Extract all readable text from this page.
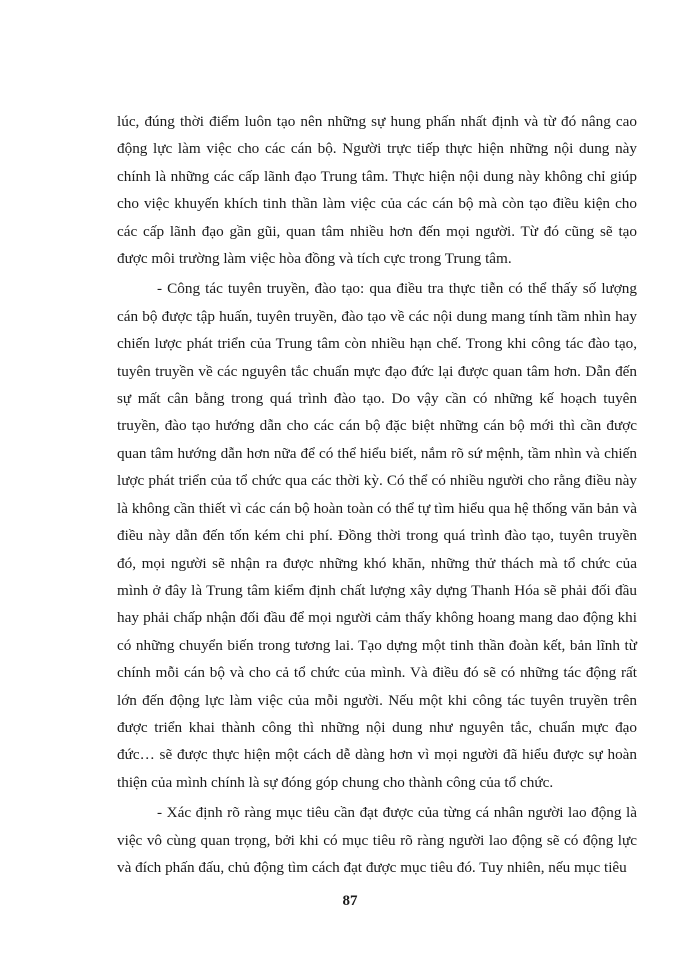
lúc, đúng thời điểm luôn tạo nên những sự hung phấn nhất định và từ đó nâng cao động lực làm việc cho các cán bộ. Người trực tiếp thực hiện những nội dung này chính là những các cấp lãnh đạo Trung tâm. Thực hiện nội dung này không chỉ giúp cho việc khuyến khích tinh thần làm việc của các cán bộ mà còn tạo điều kiện cho các cấp lãnh đạo gần gũi, quan tâm nhiều hơn đến mọi người. Từ đó cũng sẽ tạo được môi trường làm việc hòa đồng và tích cực trong Trung tâm.

- Công tác tuyên truyền, đào tạo: qua điều tra thực tiễn có thể thấy số lượng cán bộ được tập huấn, tuyên truyền, đào tạo về các nội dung mang tính tầm nhìn hay chiến lược phát triển của Trung tâm còn nhiều hạn chế. Trong khi công tác đào tạo, tuyên truyền về các nguyên tắc chuẩn mực đạo đức lại được quan tâm hơn. Dẫn đến sự mất cân bằng trong quá trình đào tạo. Do vậy cần có những kế hoạch tuyên truyền, đào tạo hướng dẫn cho các cán bộ đặc biệt những cán bộ mới thì cần được quan tâm hướng dẫn hơn nữa để có thể hiểu biết, nắm rõ sứ mệnh, tầm nhìn và chiến lược phát triển của tổ chức qua các thời kỳ. Có thể có nhiều người cho rằng điều này là không cần thiết vì các cán bộ hoàn toàn có thể tự tìm hiểu qua hệ thống văn bản và điều này dẫn đến tốn kém chi phí. Đồng thời trong quá trình đào tạo, tuyên truyền đó, mọi người sẽ nhận ra được những khó khăn, những thử thách mà tổ chức của mình ở đây là Trung tâm kiểm định chất lượng xây dựng Thanh Hóa sẽ phải đối đầu hay phải chấp nhận đối đầu để mọi người cảm thấy không hoang mang dao động khi có những chuyển biến trong tương lai. Tạo dựng một tinh thần đoàn kết, bản lĩnh từ chính mỗi cán bộ và cho cả tổ chức của mình. Và điều đó sẽ có những tác động rất lớn đến động lực làm việc của mỗi người. Nếu một khi công tác tuyên truyền trên được triển khai thành công thì những nội dung như nguyên tắc, chuẩn mực đạo đức… sẽ được thực hiện một cách dễ dàng hơn vì mọi người đã hiểu được sự hoàn thiện của mình chính là sự đóng góp chung cho thành công của tổ chức.

- Xác định rõ ràng mục tiêu cần đạt được của từng cá nhân người lao động là việc vô cùng quan trọng, bởi khi có mục tiêu rõ ràng người lao động sẽ có động lực và đích phấn đấu, chủ động tìm cách đạt được mục tiêu đó. Tuy nhiên, nếu mục tiêu

87
